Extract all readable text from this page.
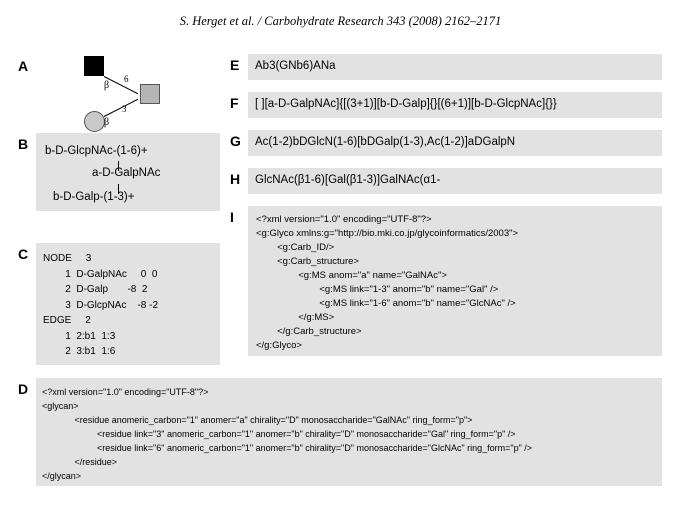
S. Herget et al. / Carbohydrate Research 343 (2008) 2162–2171
A
β
6
3
β
B b-D-GlcpNAc-(1-6)+
a-D-GalpNAc
b-D-Galp-(1-3)+
C NODE     3
1  D-GalpNAc     0  0
2  D-Galp       -8  2
3  D-GlcpNAc    -8 -2
EDGE     2
1  2:b1  1:3
2  3:b1  1:6
D <?xml version="1.0" encoding="UTF-8"?>
<glycan>
<residue anomeric_carbon="1" anomer="a" chirality="D" monosaccharide="GalNAc" ring_form="p">
<residue link="3" anomeric_carbon="1" anomer="b" chirality="D" monosaccharide="Gal" ring_form="p" />
<residue link="6" anomeric_carbon="1" anomer="b" chirality="D" monosaccharide="GlcNAc" ring_form="p" />
</residue>
</glycan>
E Ab3(GNb6)ANa
F [ ][a-D-GalpNAc]{[(3+1)][b-D-Galp]{}[(6+1)][b-D-GlcpNAc]{}}
G Ac(1-2)bDGlcN(1-6)[bDGalp(1-3),Ac(1-2)]aDGalpN
H GlcNAc(β1-6)[Gal(β1-3)]GalNAc(α1-
I <?xml version="1.0" encoding="UTF-8"?>
<g:Glyco xmlns:g="http://bio.mki.co.jp/glycoinformatics/2003">
<g:Carb_ID/>
<g:Carb_structure>
<g:MS anom="a" name="GalNAc">
<g:MS link="1-3" anom="b" name="Gal" />
<g:MS link="1-6" anom="b" name="GlcNAc" />
</g:MS>
</g:Carb_structure>
</g:Glyco>
